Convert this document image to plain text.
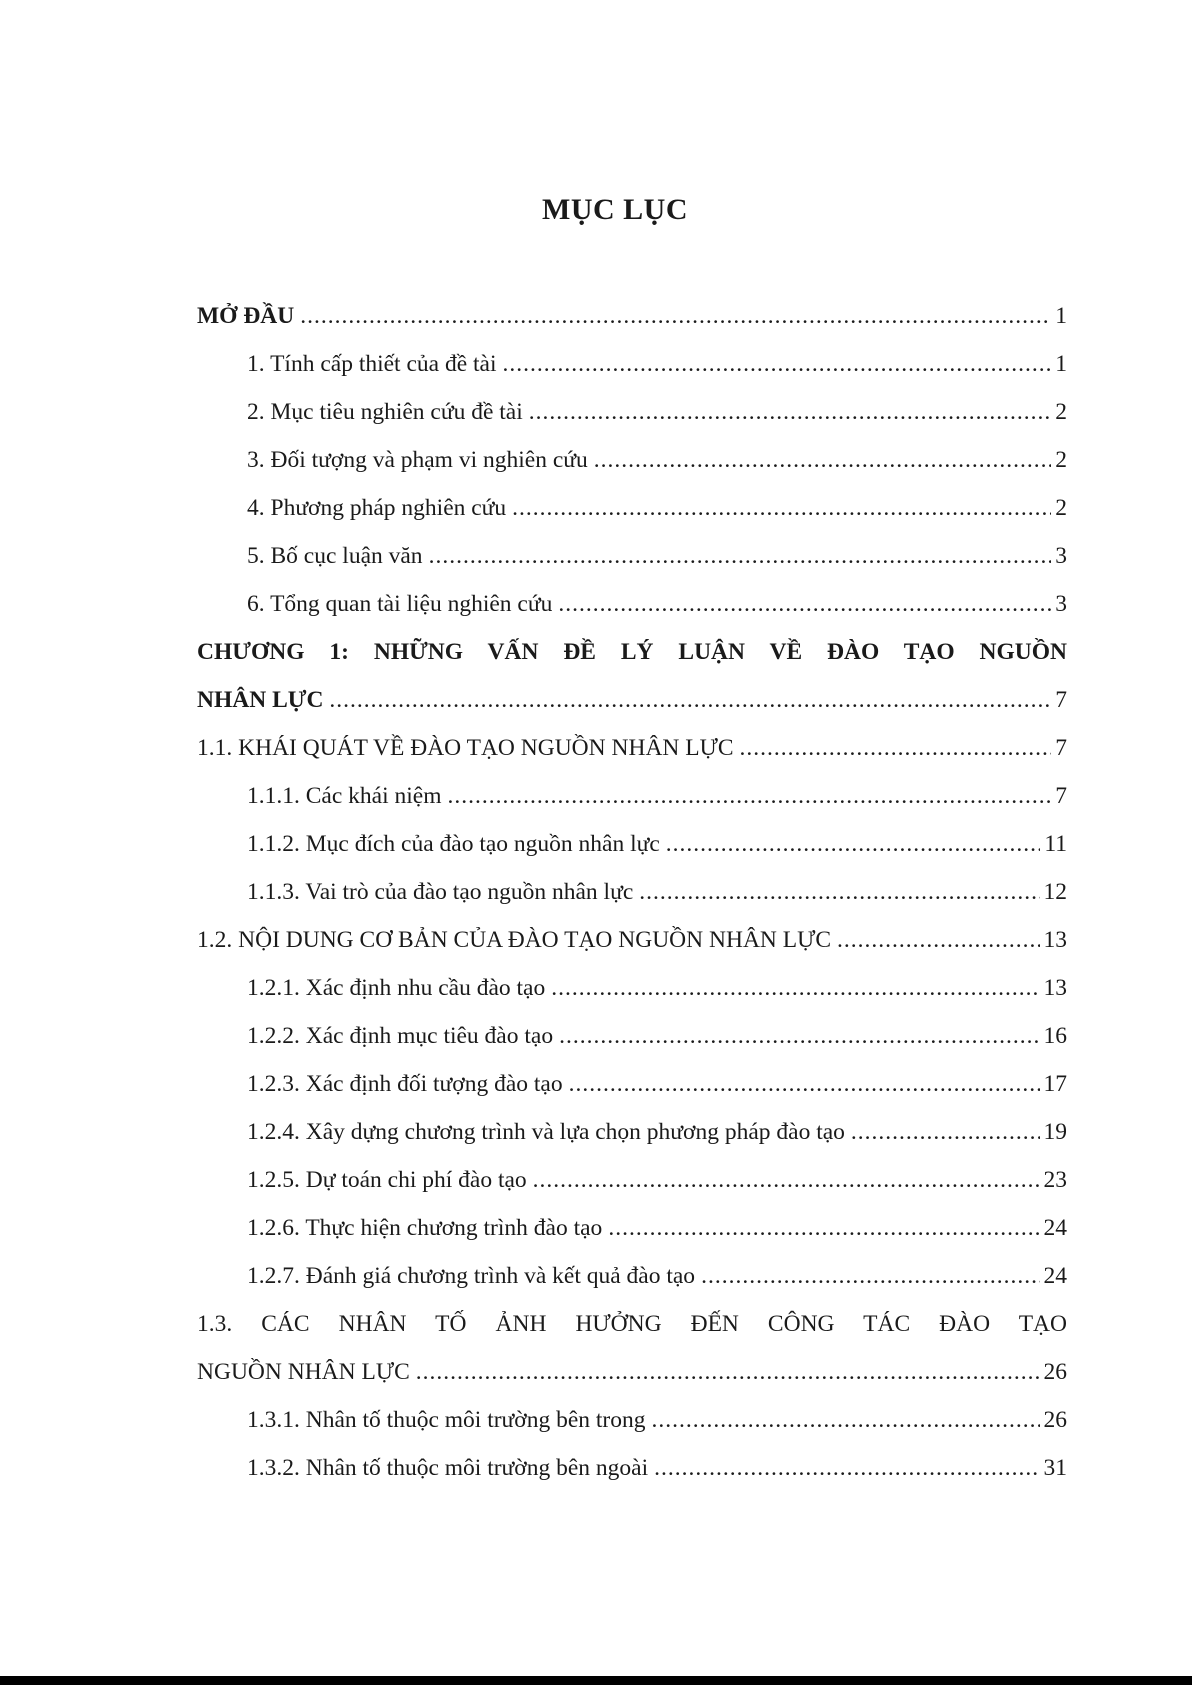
MỤC LỤC
MỞ ĐẦU .....	1
1. Tính cấp thiết của đề tài .....	1
2. Mục tiêu nghiên cứu đề tài .....	2
3. Đối tượng và phạm vi nghiên cứu .....	2
4. Phương pháp nghiên cứu .....	2
5. Bố cục luận văn .....	3
6. Tổng quan tài liệu nghiên cứu .....	3
CHƯƠNG 1: NHỮNG VẤN ĐỀ LÝ LUẬN VỀ ĐÀO TẠO NGUỒN
NHÂN LỰC .....	7
1.1. KHÁI QUÁT VỀ ĐÀO TẠO NGUỒN NHÂN LỰC .....	7
1.1.1. Các khái niệm .....	7
1.1.2. Mục đích của đào tạo nguồn nhân lực .....	11
1.1.3. Vai trò của đào tạo nguồn nhân lực .....	12
1.2. NỘI DUNG CƠ BẢN CỦA ĐÀO TẠO NGUỒN NHÂN LỰC .....	13
1.2.1. Xác định nhu cầu đào tạo .....	13
1.2.2. Xác định mục tiêu đào tạo .....	16
1.2.3. Xác định đối tượng đào tạo .....	17
1.2.4. Xây dựng chương trình và lựa chọn phương pháp đào tạo .....	19
1.2.5. Dự toán chi phí đào tạo .....	23
1.2.6. Thực hiện chương trình đào tạo .....	24
1.2.7. Đánh giá chương trình và kết quả đào tạo .....	24
1.3. CÁC NHÂN TỐ ẢNH HƯỞNG ĐẾN CÔNG TÁC ĐÀO TẠO
NGUỒN NHÂN LỰC .....	26
1.3.1. Nhân tố thuộc môi trường bên trong .....	26
1.3.2. Nhân tố thuộc môi trường bên ngoài .....	31
